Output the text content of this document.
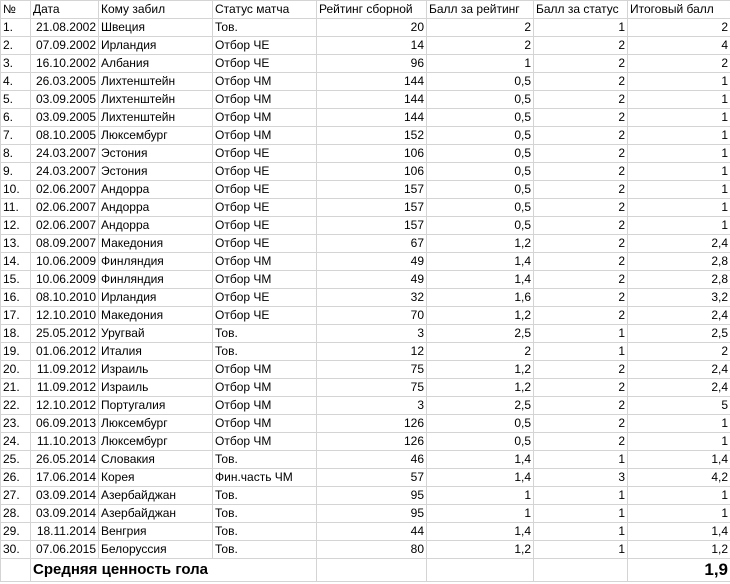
№	Дата	Кому забил	Статус матча	Рейтинг сборной	Балл за рейтинг	Балл за статус	Итоговый балл
1.	21.08.2002	Швеция	Тов.	20	2	1	2
2.	07.09.2002	Ирландия	Отбор ЧЕ	14	2	2	4
3.	16.10.2002	Албания	Отбор ЧЕ	96	1	2	2
4.	26.03.2005	Лихтенштейн	Отбор ЧМ	144	0,5	2	1
5.	03.09.2005	Лихтенштейн	Отбор ЧМ	144	0,5	2	1
6.	03.09.2005	Лихтенштейн	Отбор ЧМ	144	0,5	2	1
7.	08.10.2005	Люксембург	Отбор ЧМ	152	0,5	2	1
8.	24.03.2007	Эстония	Отбор ЧЕ	106	0,5	2	1
9.	24.03.2007	Эстония	Отбор ЧЕ	106	0,5	2	1
10.	02.06.2007	Андорра	Отбор ЧЕ	157	0,5	2	1
11.	02.06.2007	Андорра	Отбор ЧЕ	157	0,5	2	1
12.	02.06.2007	Андорра	Отбор ЧЕ	157	0,5	2	1
13.	08.09.2007	Македония	Отбор ЧЕ	67	1,2	2	2,4
14.	10.06.2009	Финляндия	Отбор ЧМ	49	1,4	2	2,8
15.	10.06.2009	Финляндия	Отбор ЧМ	49	1,4	2	2,8
16.	08.10.2010	Ирландия	Отбор ЧЕ	32	1,6	2	3,2
17.	12.10.2010	Македония	Отбор ЧЕ	70	1,2	2	2,4
18.	25.05.2012	Уругвай	Тов.	3	2,5	1	2,5
19.	01.06.2012	Италия	Тов.	12	2	1	2
20.	11.09.2012	Израиль	Отбор ЧМ	75	1,2	2	2,4
21.	11.09.2012	Израиль	Отбор ЧМ	75	1,2	2	2,4
22.	12.10.2012	Португалия	Отбор ЧМ	3	2,5	2	5
23.	06.09.2013	Люксембург	Отбор ЧМ	126	0,5	2	1
24.	11.10.2013	Люксембург	Отбор ЧМ	126	0,5	2	1
25.	26.05.2014	Словакия	Тов.	46	1,4	1	1,4
26.	17.06.2014	Корея	Фин.часть ЧМ	57	1,4	3	4,2
27.	03.09.2014	Азербайджан	Тов.	95	1	1	1
28.	03.09.2014	Азербайджан	Тов.	95	1	1	1
29.	18.11.2014	Венгрия	Тов.	44	1,4	1	1,4
30.	07.06.2015	Белоруссия	Тов.	80	1,2	1	1,2
	Средняя ценность гола						1,9
